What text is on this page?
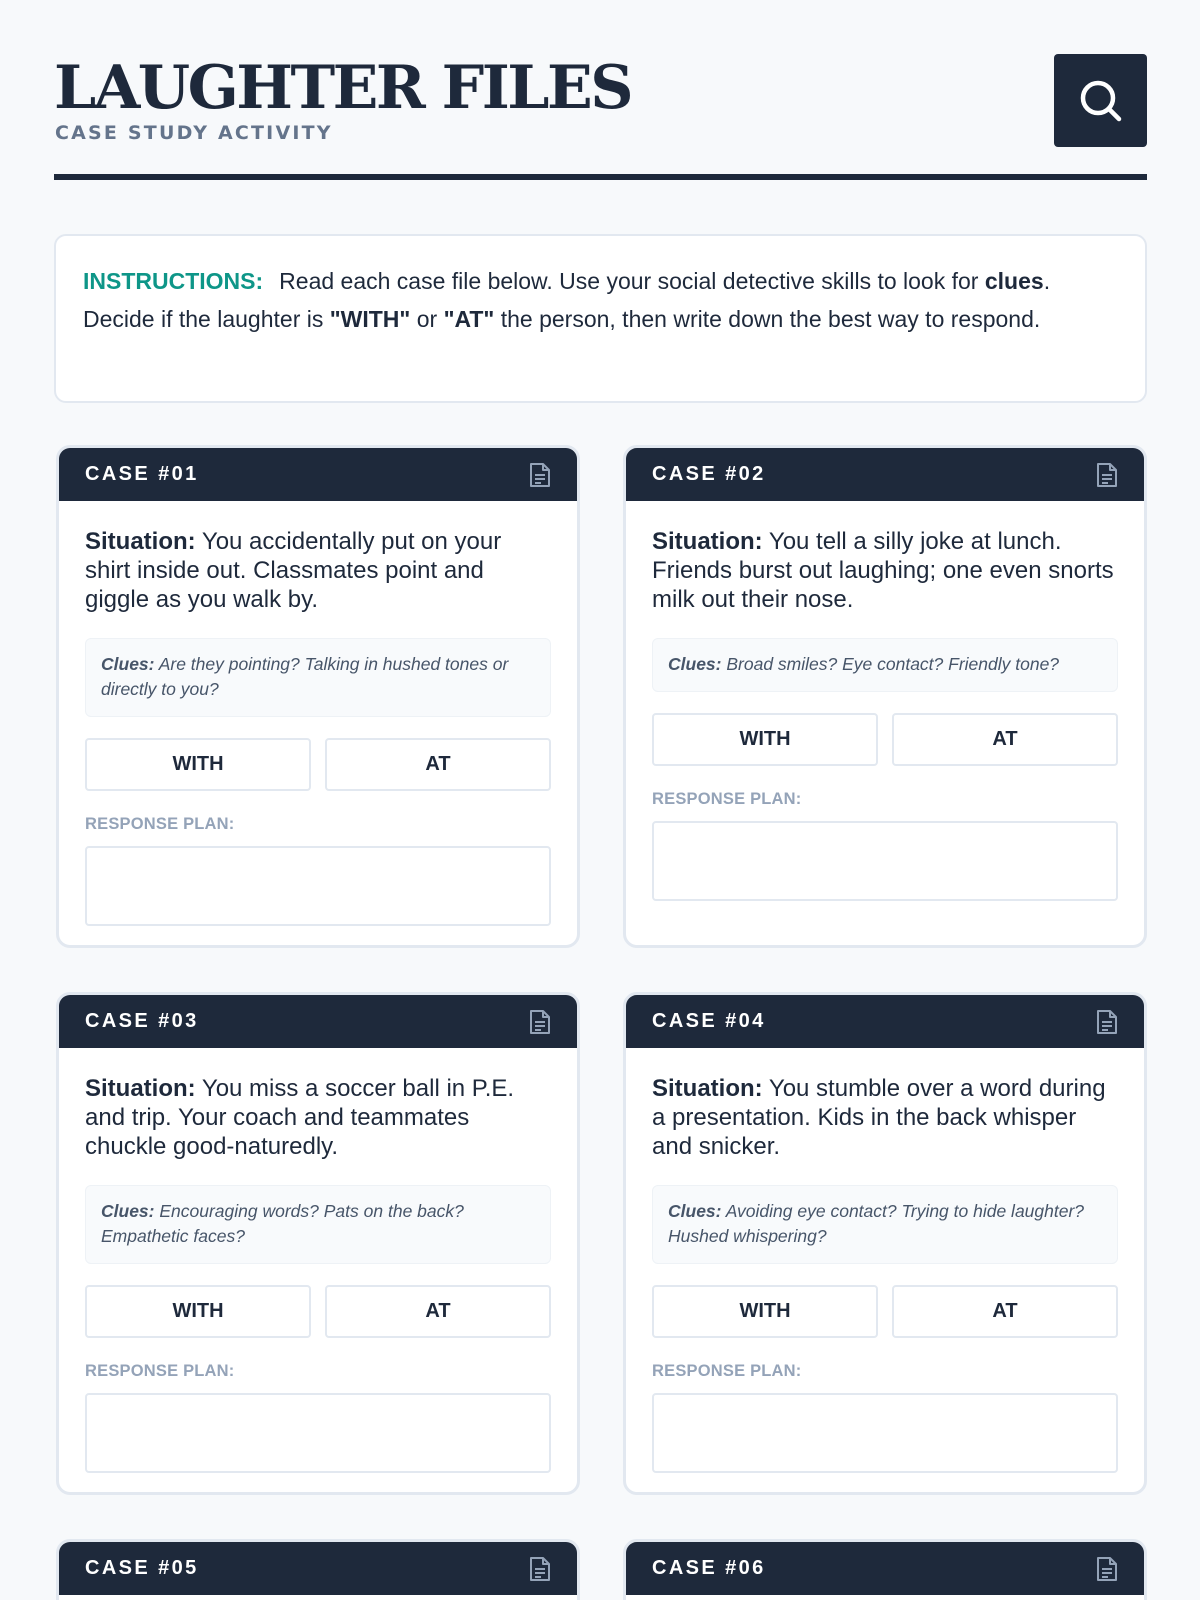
LAUGHTER FILES
CASE STUDY ACTIVITY
INSTRUCTIONS: Read each case file below. Use your social detective skills to look for clues. Decide if the laughter is "WITH" or "AT" the person, then write down the best way to respond.
CASE #01

Situation: You accidentally put on your shirt inside out. Classmates point and giggle as you walk by.

Clues: Are they pointing? Talking in hushed tones or directly to you?
WITH	AT
RESPONSE PLAN:
CASE #02

Situation: You tell a silly joke at lunch. Friends burst out laughing; one even snorts milk out their nose.

Clues: Broad smiles? Eye contact? Friendly tone?
WITH	AT
RESPONSE PLAN:
CASE #03

Situation: You miss a soccer ball in P.E. and trip. Your coach and teammates chuckle good-naturedly.

Clues: Encouraging words? Pats on the back? Empathetic faces?
WITH	AT
RESPONSE PLAN:
CASE #04

Situation: You stumble over a word during a presentation. Kids in the back whisper and snicker.

Clues: Avoiding eye contact? Trying to hide laughter? Hushed whispering?
WITH	AT
RESPONSE PLAN:
CASE #05	CASE #06
